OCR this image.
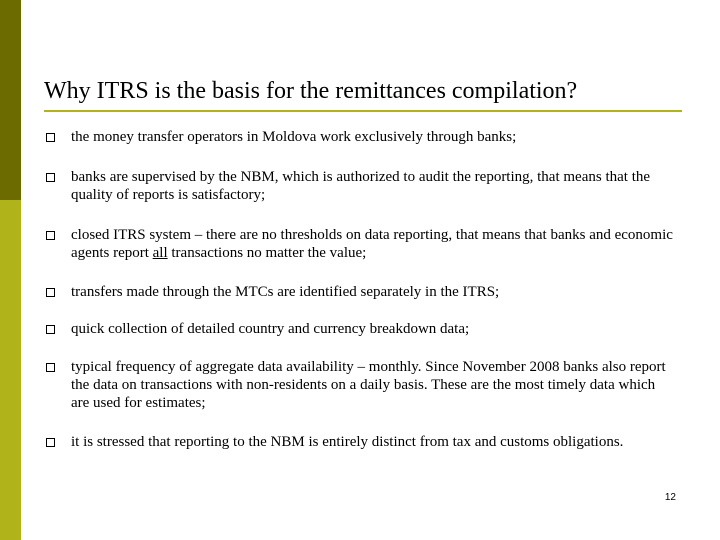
Why ITRS is the basis for the remittances compilation?
the money transfer operators in Moldova work exclusively through banks;
banks are supervised by the NBM, which is authorized to audit the reporting, that means that the quality of reports is satisfactory;
closed ITRS system – there are no thresholds on data reporting, that means that banks and economic agents report all transactions no matter the value;
transfers made through the MTCs are identified separately in the ITRS;
quick collection of detailed country and currency breakdown data;
typical frequency of aggregate data availability – monthly. Since November 2008 banks also report the data on transactions with non-residents on a daily basis. These are the most timely data which are used for estimates;
it is stressed that reporting to the NBM is entirely distinct from tax and customs obligations.
12
